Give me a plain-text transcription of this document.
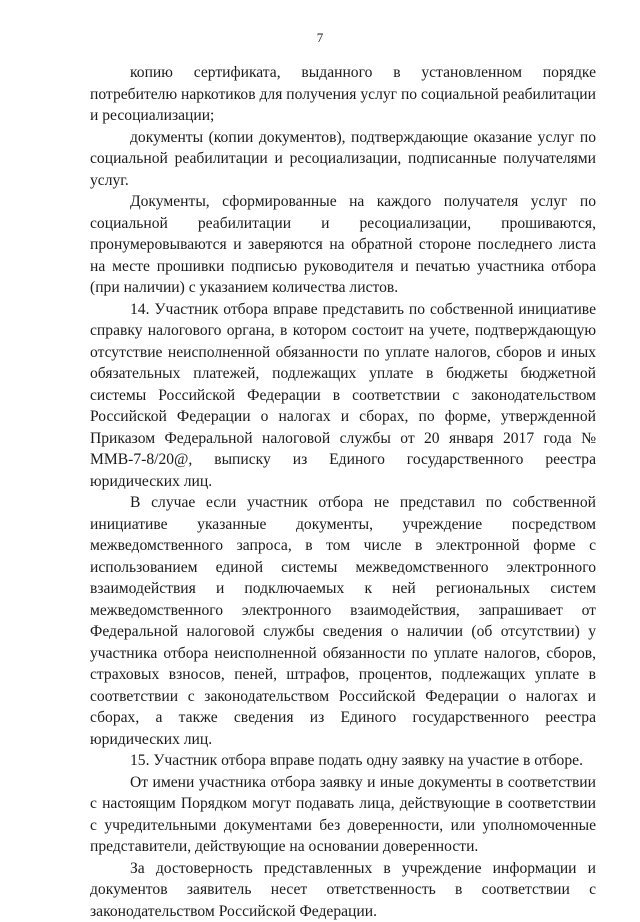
7

копию сертификата, выданного в установленном порядке потребителю наркотиков для получения услуг по социальной реабилитации и ресоциализации;

документы (копии документов), подтверждающие оказание услуг по социальной реабилитации и ресоциализации, подписанные получателями услуг.

Документы, сформированные на каждого получателя услуг по социальной реабилитации и ресоциализации, прошиваются, пронумеровываются и заверяются на обратной стороне последнего листа на месте прошивки подписью руководителя и печатью участника отбора (при наличии) с указанием количества листов.

14. Участник отбора вправе представить по собственной инициативе справку налогового органа, в котором состоит на учете, подтверждающую отсутствие неисполненной обязанности по уплате налогов, сборов и иных обязательных платежей, подлежащих уплате в бюджеты бюджетной системы Российской Федерации в соответствии с законодательством Российской Федерации о налогах и сборах, по форме, утвержденной Приказом Федеральной налоговой службы от 20 января 2017 года № ММВ-7-8/20@, выписку из Единого государственного реестра юридических лиц.

В случае если участник отбора не представил по собственной инициативе указанные документы, учреждение посредством межведомственного запроса, в том числе в электронной форме с использованием единой системы межведомственного электронного взаимодействия и подключаемых к ней региональных систем межведомственного электронного взаимодействия, запрашивает от Федеральной налоговой службы сведения о наличии (об отсутствии) у участника отбора неисполненной обязанности по уплате налогов, сборов, страховых взносов, пеней, штрафов, процентов, подлежащих уплате в соответствии с законодательством Российской Федерации о налогах и сборах, а также сведения из Единого государственного реестра юридических лиц.

15. Участник отбора вправе подать одну заявку на участие в отборе.

От имени участника отбора заявку и иные документы в соответствии с настоящим Порядком могут подавать лица, действующие в соответствии с учредительными документами без доверенности, или уполномоченные представители, действующие на основании доверенности.

За достоверность представленных в учреждение информации и документов заявитель несет ответственность в соответствии с законодательством Российской Федерации.
